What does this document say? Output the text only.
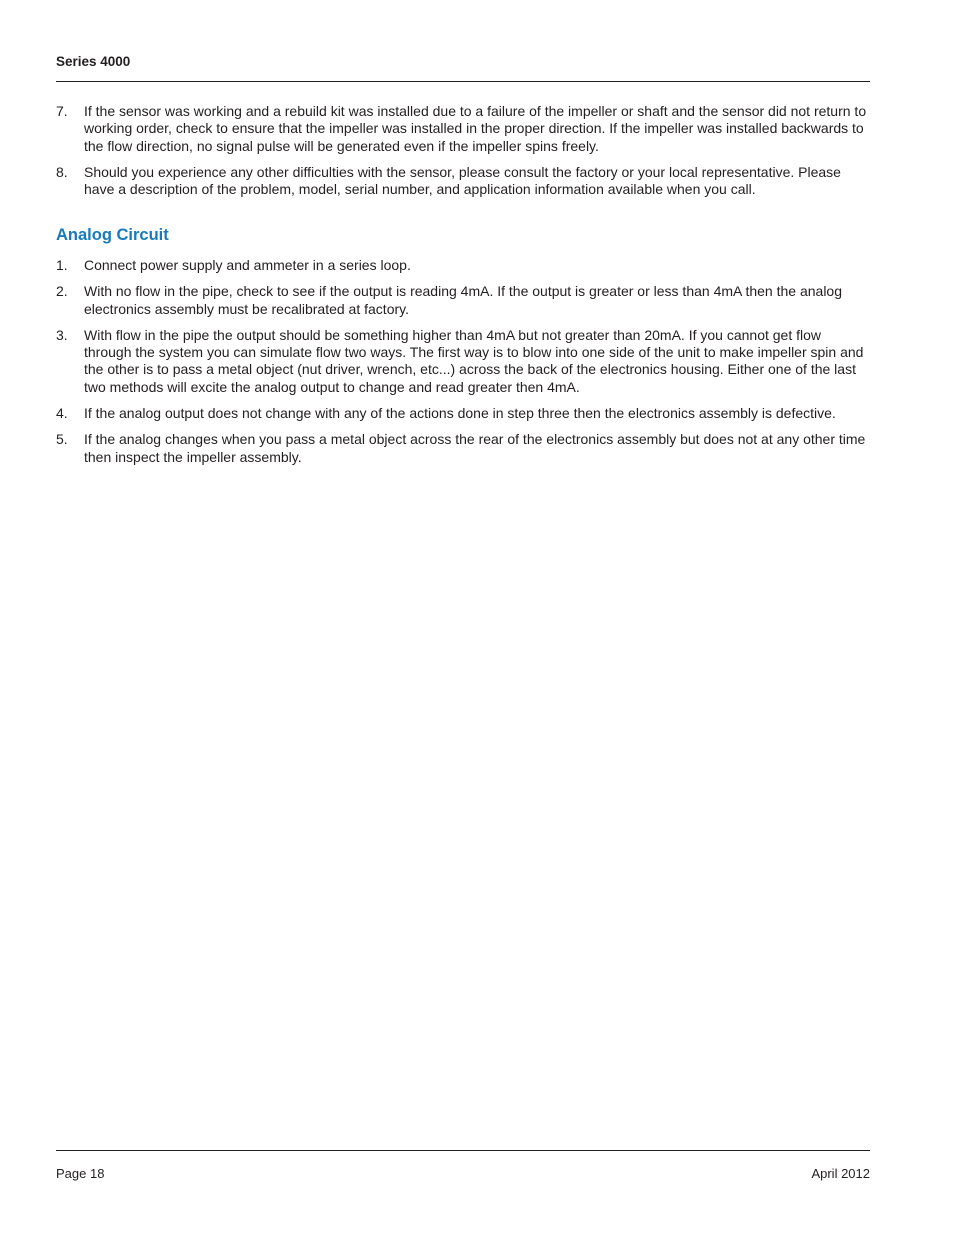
Series 4000
7.	If the sensor was working and a rebuild kit was installed due to a failure of the impeller or shaft and the sensor did not return to working order, check to ensure that the impeller was installed in the proper direction. If the impeller was installed backwards to the flow direction, no signal pulse will be generated even if the impeller spins freely.
8.	Should you experience any other difficulties with the sensor, please consult the factory or your local representative. Please have a description of the problem, model, serial number, and application information available when you call.
Analog Circuit
1.	Connect power supply and ammeter in a series loop.
2.	With no flow in the pipe, check to see if the output is reading 4mA. If the output is greater or less than 4mA then the analog electronics assembly must be recalibrated at factory.
3.	With flow in the pipe the output should be something higher than 4mA but not greater than 20mA. If you cannot get flow through the system you can simulate flow two ways. The first way is to blow into one side of the unit to make impeller spin and the other is to pass a metal object (nut driver, wrench, etc...) across the back of the electronics housing. Either one of the last two methods will excite the analog output to change and read greater then 4mA.
4.	If the analog output does not change with any of the actions done in step three then the electronics assembly is defective.
5.	If the analog changes when you pass a metal object across the rear of the electronics assembly but does not at any other time then inspect the impeller assembly.
Page 18	April 2012
